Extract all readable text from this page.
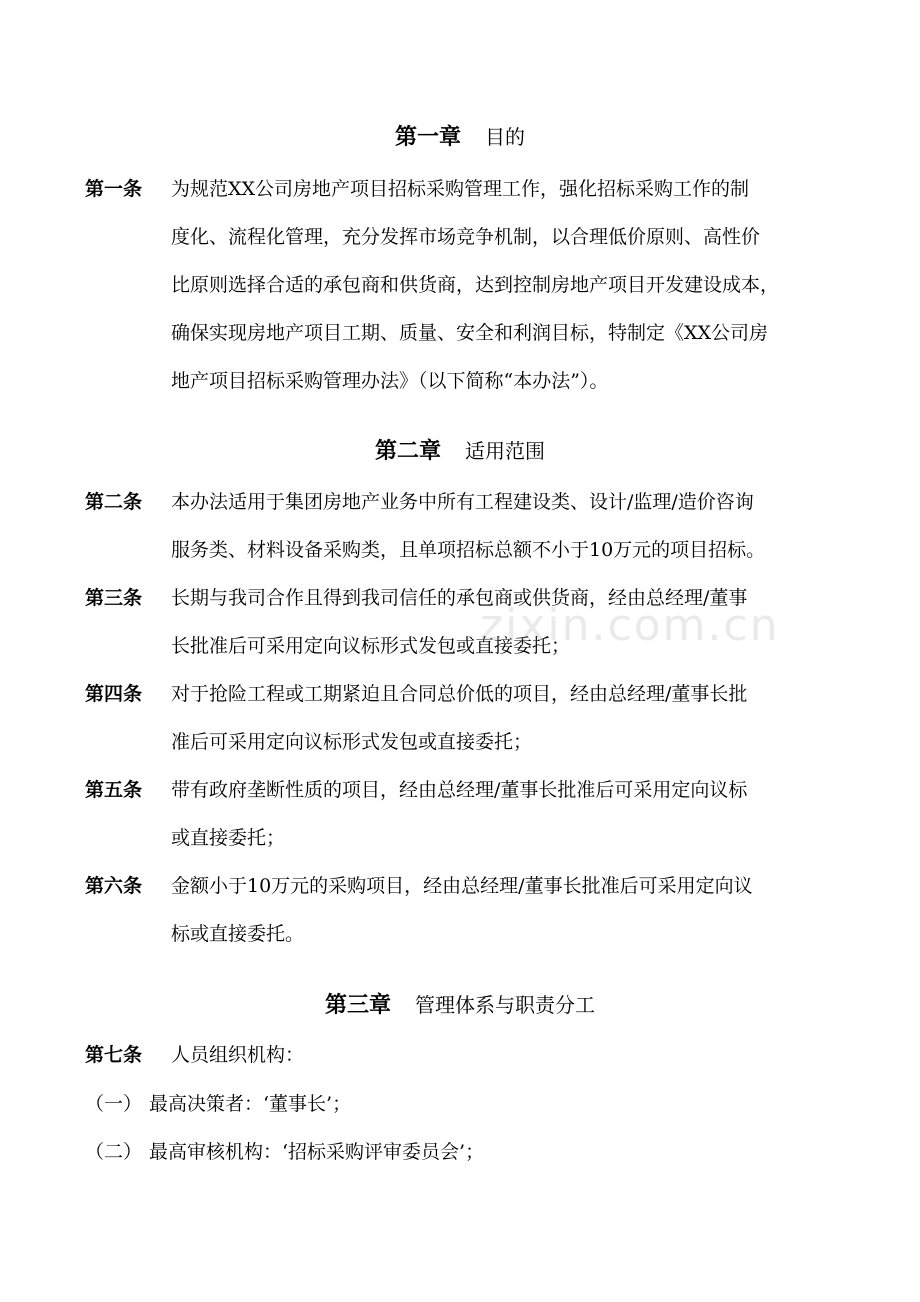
第一章 目的
第一条 为规范XX公司房地产项目招标采购管理工作，强化招标采购工作的制
度化、流程化管理，充分发挥市场竞争机制，以合理低价原则、高性价
比原则选择合适的承包商和供货商，达到控制房地产项目开发建设成本，
确保实现房地产项目工期、质量、安全和利润目标，特制定《XX公司房
地产项目招标采购管理办法》（以下简称“本办法”）。
第二章 适用范围
第二条 本办法适用于集团房地产业务中所有工程建设类、设计/监理/造价咨询
服务类、材料设备采购类，且单项招标总额不小于10万元的项目招标。
第三条 长期与我司合作且得到我司信任的承包商或供货商，经由总经理/董事
长批准后可采用定向议标形式发包或直接委托；
第四条 对于抢险工程或工期紧迫且合同总价低的项目，经由总经理/董事长批
准后可采用定向议标形式发包或直接委托；
第五条 带有政府垄断性质的项目，经由总经理/董事长批准后可采用定向议标
或直接委托；
第六条 金额小于10万元的采购项目，经由总经理/董事长批准后可采用定向议
标或直接委托。
第三章 管理体系与职责分工
第七条 人员组织机构：
（一） 最高决策者：‘董事长’；
（二） 最高审核机构：‘招标采购评审委员会’；
zixin.com.cn
